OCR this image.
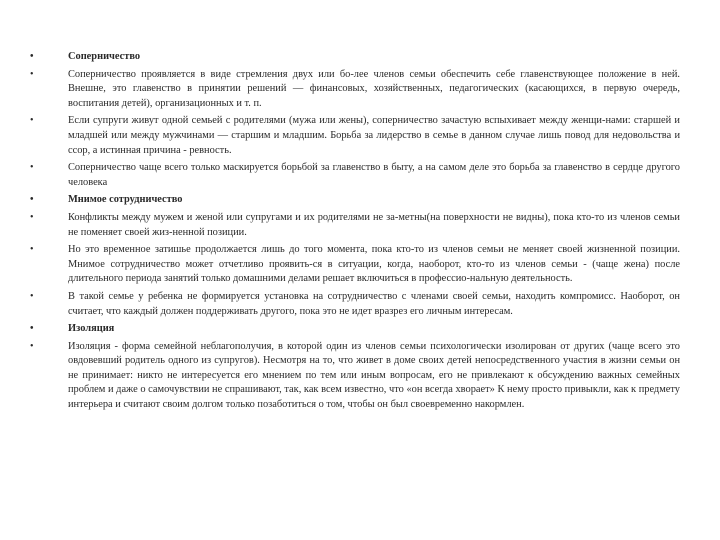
• Соперничество
• Соперничество проявляется в виде стремления двух или бо-лее членов семьи обеспечить себе главенствующее положение в ней. Внешне, это главенство в принятии решений — финансовых, хозяйственных, педагогических (касающихся, в первую очередь, воспитания детей), организационных и т. п.
• Если супруги живут одной семьей с родителями (мужа или жены), соперничество зачастую вспыхивает между женщи-нами: старшей и младшей или между мужчинами — старшим и младшим. Борьба за лидерство в семье в данном случае лишь повод для недовольства и ссор, а истинная причина - ревность.
• Соперничество чаще всего только маскируется борьбой за главенство в быту, а на самом деле это борьба за главенство в сердце другого человека
• Мнимое сотрудничество
• Конфликты между мужем и женой или супругами и их родителями не за-метны(на поверхности не видны), пока кто-то из членов семьи не поменяет своей жиз-ненной позиции.
• Но это временное затишье продолжается лишь до того момента, пока кто-то из членов семьи не меняет своей жизненной позиции. Мнимое сотрудничество может отчетливо проявить-ся в ситуации, когда, наоборот, кто-то из членов семьи - (чаще жена) после длительного периода занятий только домашними делами решает включиться в профессио-нальную деятельность.
• В такой семье у ребенка не формируется установка на сотрудничество с членами своей семьи, находить компромисс. Наоборот, он считает, что каждый должен поддерживать другого, пока это не идет вразрез его личным интересам.
• Изоляция
• Изоляция - форма семейной неблагополучия, в которой один из членов семьи психологически изолирован от других (чаще всего это овдовевший родитель одного из супругов). Несмотря на то, что живет в доме своих детей непосредственного участия в жизни семьи он не принимает: никто не интересуется его мнением по тем или иным вопросам, его не привлекают к обсуждению важных семейных проблем и даже о самочувствии не спрашивают, так, как всем известно, что «он всегда хворает» К нему просто привыкли, как к предмету интерьера и считают своим долгом только позаботиться о том, чтобы он был своевременно накормлен.
